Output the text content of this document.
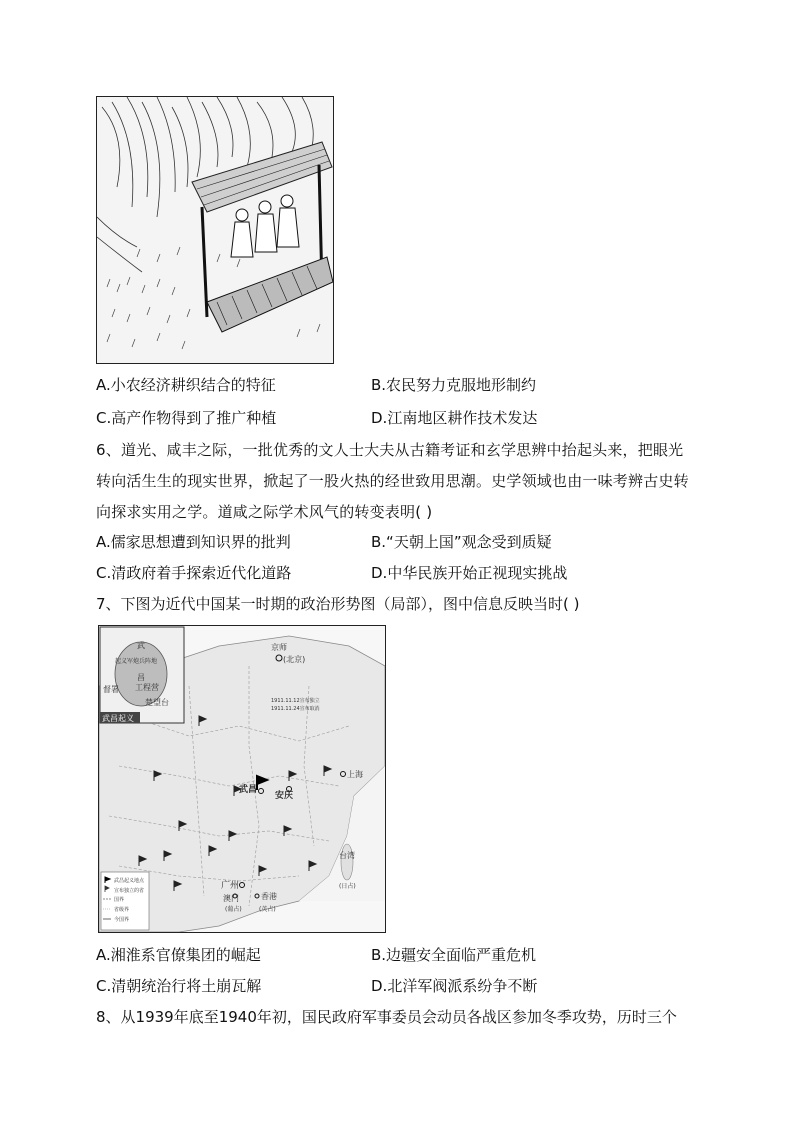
A.小农经济耕织结合的特征	B.农民努力克服地形制约
C.高产作物得到了推广种植	D.江南地区耕作技术发达
6、道光、咸丰之际，一批优秀的文人士大夫从古籍考证和玄学思辨中抬起头来，把眼光转向活生生的现实世界，掀起了一股火热的经世致用思潮。史学领域也由一味考辨古史转向探求实用之学。道咸之际学术风气的转变表明( )
A.儒家思想遭到知识界的批判	B.“天朝上国”观念受到质疑
C.清政府着手探索近代化道路	D.中华民族开始正视现实挑战
7、下图为近代中国某一时期的政治形势图（局部），图中信息反映当时( )
武
起义军炮兵阵地
昌
工程营
督署
楚望台
武昌起义
京师
(北京)
上海
武昌
安庆
广州
澳门
(葡占)
香港
(英占)
台湾
(日占)
1911.11.12宣布独立
1911.11.24宣布取消
武昌起义地点
宣布独立的省
国界
省级界
今国界
A.湘淮系官僚集团的崛起	B.边疆安全面临严重危机
C.清朝统治行将土崩瓦解	D.北洋军阀派系纷争不断
8、从1939年底至1940年初，国民政府军事委员会动员各战区参加冬季攻势，历时三个
